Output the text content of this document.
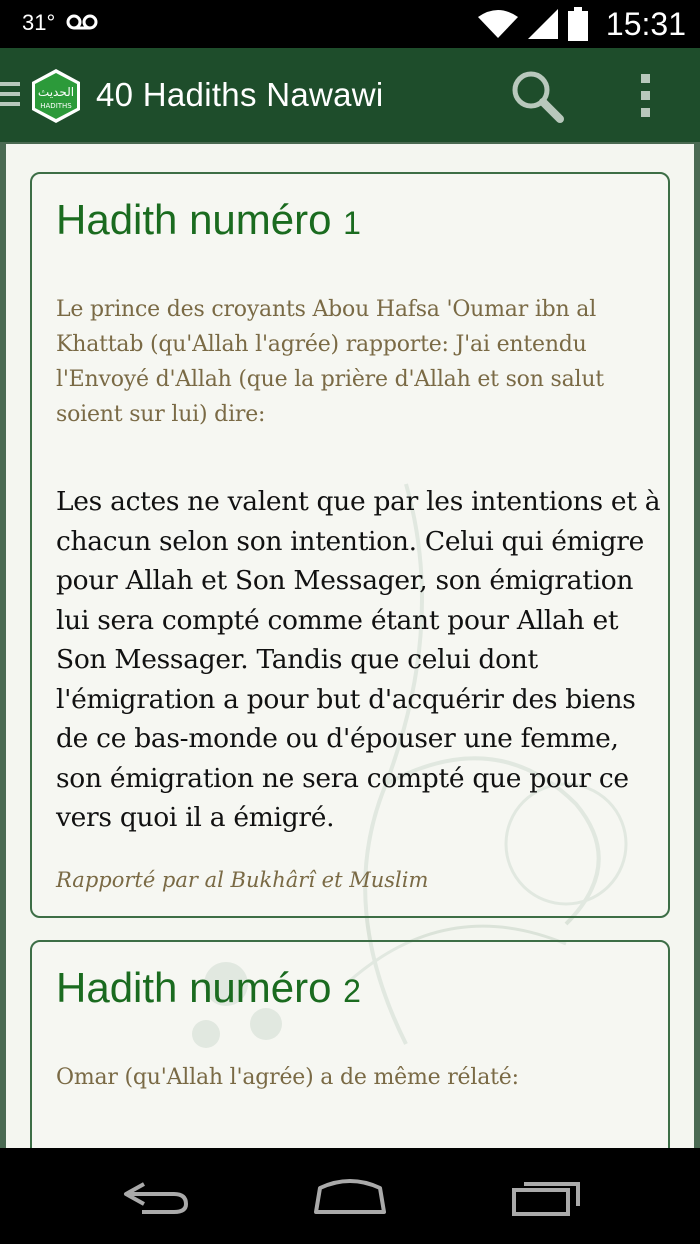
31°	15:31
الحديث
HADITHS 40 Hadiths Nawawi
Hadith numéro 1

Le prince des croyants Abou Hafsa 'Oumar ibn al Khattab (qu'Allah l'agrée) rapporte: J'ai entendu l'Envoyé d'Allah (que la prière d'Allah et son salut soient sur lui) dire:

Les actes ne valent que par les intentions et à chacun selon son intention. Celui qui émigre pour Allah et Son Messager, son émigration lui sera compté comme étant pour Allah et Son Messager. Tandis que celui dont l'émigration a pour but d'acquérir des biens de ce bas-monde ou d'épouser une femme, son émigration ne sera compté que pour ce vers quoi il a émigré.

Rapporté par al Bukhârî et Muslim

Hadith numéro 2

Omar (qu'Allah l'agrée) a de même rélaté:
